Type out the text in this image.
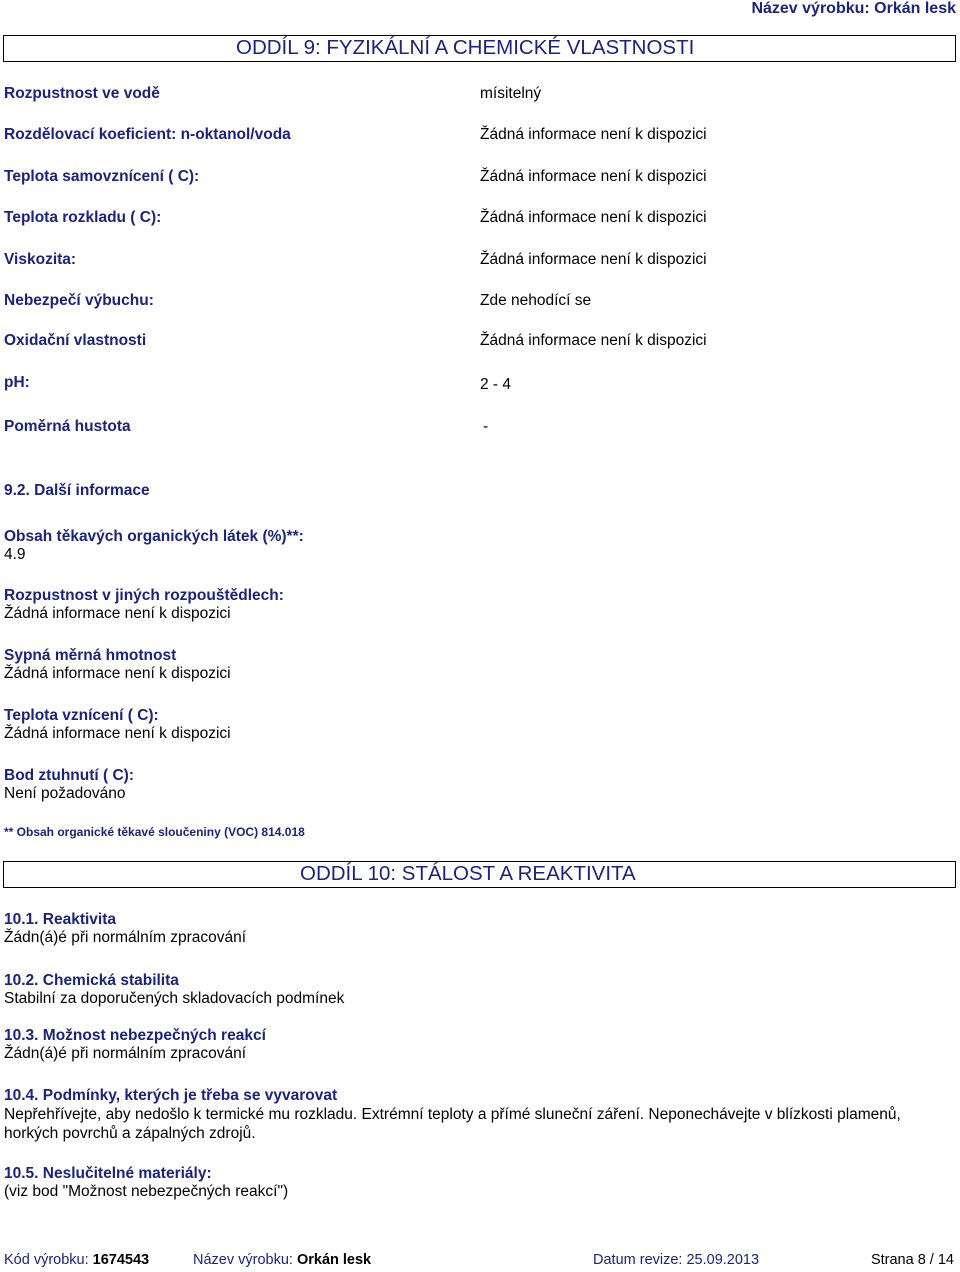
Název výrobku: Orkán lesk
ODDÍL 9: FYZIKÁLNÍ A CHEMICKÉ VLASTNOSTI
Rozpustnost ve vodě	mísitelný
Rozdělovací koeficient: n-oktanol/voda	Žádná informace není k dispozici
Teplota samovznícení ( C):	Žádná informace není k dispozici
Teplota rozkladu ( C):	Žádná informace není k dispozici
Viskozita:	Žádná informace není k dispozici
Nebezpečí výbuchu:	Zde nehodící se
Oxidační vlastnosti	Žádná informace není k dispozici
pH:	2 - 4
Poměrná hustota	-
9.2. Další informace
Obsah těkavých organických látek (%)**:
4.9
Rozpustnost v jiných rozpouštědlech:
Žádná informace není k dispozici
Sypná měrná hmotnost
Žádná informace není k dispozici
Teplota vznícení ( C):
Žádná informace není k dispozici
Bod ztuhnutí ( C):
Není požadováno
** Obsah organické těkavé sloučeniny (VOC) 814.018
ODDÍL 10: STÁLOST A REAKTIVITA
10.1. Reaktivita
Žádn(á)é při normálním zpracování
10.2. Chemická stabilita
Stabilní za doporučených skladovacích podmínek
10.3. Možnost nebezpečných reakcí
Žádn(á)é při normálním zpracování
10.4. Podmínky, kterých je třeba se vyvarovat
Nepřehřívejte, aby nedošlo k termické mu rozkladu. Extrémní teploty a přímé sluneční záření. Neponechávejte v blízkosti plamenů, horkých povrchů a zápalných zdrojů.
10.5. Neslučitelné materiály:
(viz bod "Možnost nebezpečných reakcí")
Kód výrobku: 1674543	Název výrobku: Orkán lesk	Datum revize: 25.09.2013	Strana 8 / 14
